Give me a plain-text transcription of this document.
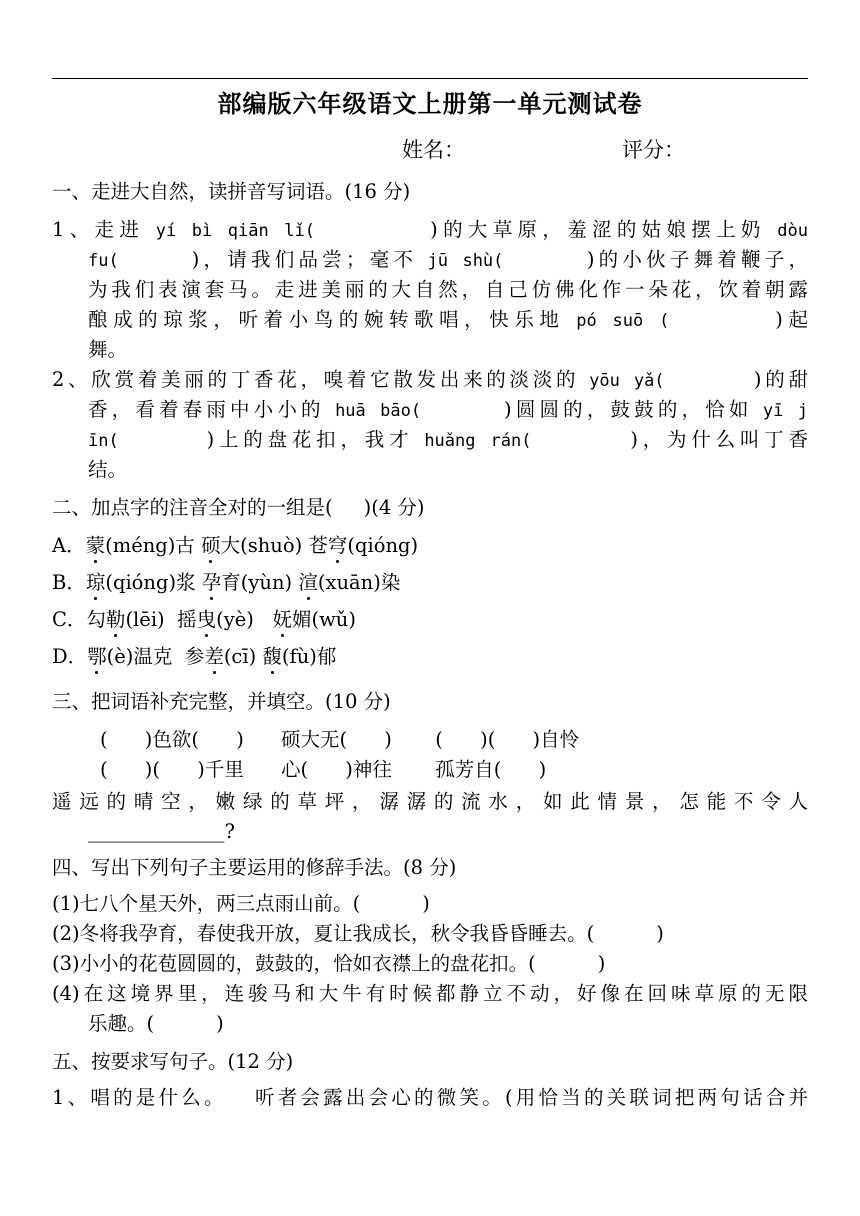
部编版六年级语文上册第一单元测试卷
姓名：	评分：
一、走进大自然，读拼音写词语。(16 分)
1、走进 yí bì qiān lǐ(          )的大草原，羞涩的姑娘摆上奶 dòu
fu(       )，请我们品尝；毫不 jū shù(        )的小伙子舞着鞭子，
为我们表演套马。走进美丽的大自然，自己仿佛化作一朵花，饮着朝露
酿成的琼浆，听着小鸟的婉转歌唱，快乐地 pó suō (         )起
舞。
2、欣赏着美丽的丁香花，嗅着它散发出来的淡淡的 yōu yǎ(         )的甜
香，看着春雨中小小的 huā bāo(        )圆圆的，鼓鼓的，恰如 yī j
īn(        )上的盘花扣，我才 huǎng rán(         )，为什么叫丁香
结。
二、加点字的注音全对的一组是(     )(4 分)
A．蒙(méng)古 硕大(shuò) 苍穹(qióng)
B．琼(qióng)浆 孕育(yùn) 渲(xuān)染
C．勾勒(lēi)  摇曳(yè)   妩媚(wǔ)
D．鄂(è)温克  参差(cī) 馥(fù)郁
三、把词语补充完整，并填空。(10 分)
(      )色欲(      )      硕大无(      )       (      )(      )自怜
(      )(      )千里      心(      )神往       孤芳自(      )
遥远的晴空，嫩绿的草坪，潺潺的流水，如此情景，怎能不令人
______________?
四、写出下列句子主要运用的修辞手法。(8 分)
(1)七八个星天外，两三点雨山前。(          )
(2)冬将我孕育，春使我开放，夏让我成长，秋令我昏昏睡去。(          )
(3)小小的花苞圆圆的，鼓鼓的，恰如衣襟上的盘花扣。(          )
(4)在这境界里，连骏马和大牛有时候都静立不动，好像在回味草原的无限
乐趣。(          )
五、按要求写句子。(12 分)
1、唱的是什么。   听者会露出会心的微笑。(用恰当的关联词把两句话合并
